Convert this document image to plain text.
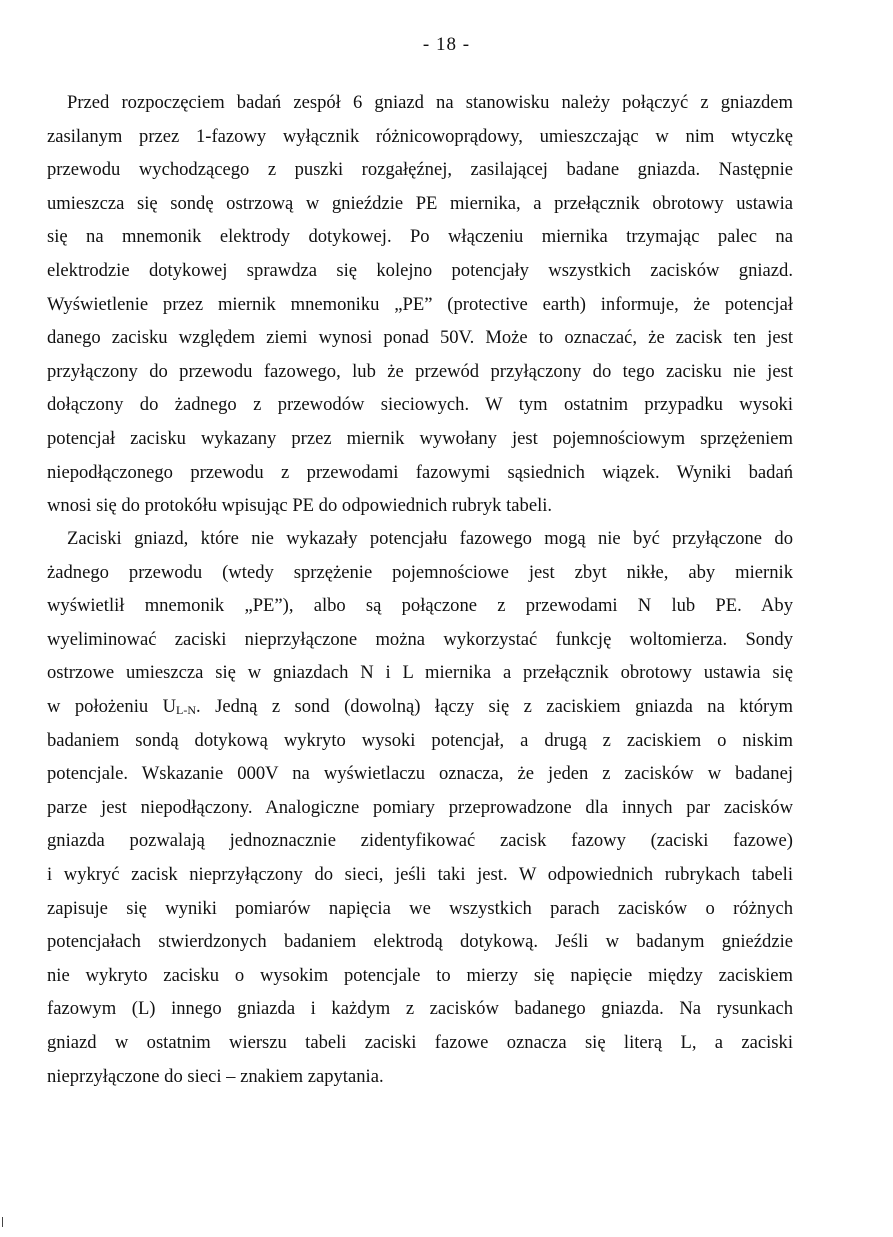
- 18 -
Przed rozpoczęciem badań zespół 6 gniazd na stanowisku należy połączyć z gniazdem
zasilanym przez 1-fazowy wyłącznik różnicowoprądowy, umieszczając w nim wtyczkę
przewodu wychodzącego z puszki rozgałęźnej, zasilającej badane gniazda. Następnie
umieszcza się sondę ostrzową w gnieździe PE miernika, a przełącznik obrotowy ustawia
się na mnemonik elektrody dotykowej. Po włączeniu miernika trzymając palec na
elektrodzie dotykowej sprawdza się kolejno potencjały wszystkich zacisków gniazd.
Wyświetlenie przez miernik mnemoniku „PE” (protective earth) informuje, że potencjał
danego zacisku względem ziemi wynosi ponad 50V. Może to oznaczać, że zacisk ten jest
przyłączony do przewodu fazowego, lub że przewód przyłączony do tego zacisku nie jest
dołączony do żadnego z przewodów sieciowych. W tym ostatnim przypadku wysoki
potencjał zacisku wykazany przez miernik wywołany jest pojemnościowym sprzężeniem
niepodłączonego przewodu z przewodami fazowymi sąsiednich wiązek. Wyniki badań
wnosi się do protokółu wpisując PE do odpowiednich rubryk tabeli.
Zaciski gniazd, które nie wykazały potencjału fazowego mogą nie być przyłączone do
żadnego przewodu (wtedy sprzężenie pojemnościowe jest zbyt nikłe, aby miernik
wyświetlił mnemonik „PE”), albo są połączone z przewodami N lub PE. Aby
wyeliminować zaciski nieprzyłączone można wykorzystać funkcję woltomierza. Sondy
ostrzowe umieszcza się w gniazdach N i L miernika a przełącznik obrotowy ustawia się
w położeniu $U_{L-N}$. Jedną z sond (dowolną) łączy się z zaciskiem gniazda na którym
badaniem sondą dotykową wykryto wysoki potencjał, a drugą z zaciskiem o niskim
potencjale. Wskazanie 000V na wyświetlaczu oznacza, że jeden z zacisków w badanej
parze jest niepodłączony. Analogiczne pomiary przeprowadzone dla innych par zacisków
gniazda pozwalają jednoznacznie zidentyfikować zacisk fazowy (zaciski fazowe)
i wykryć zacisk nieprzyłączony do sieci, jeśli taki jest. W odpowiednich rubrykach tabeli
zapisuje się wyniki pomiarów napięcia we wszystkich parach zacisków o różnych
potencjałach stwierdzonych badaniem elektrodą dotykową. Jeśli w badanym gnieździe
nie wykryto zacisku o wysokim potencjale to mierzy się napięcie między zaciskiem
fazowym (L) innego gniazda i każdym z zacisków badanego gniazda. Na rysunkach
gniazd w ostatnim wierszu tabeli zaciski fazowe oznacza się literą L, a zaciski
nieprzyłączone do sieci – znakiem zapytania.
